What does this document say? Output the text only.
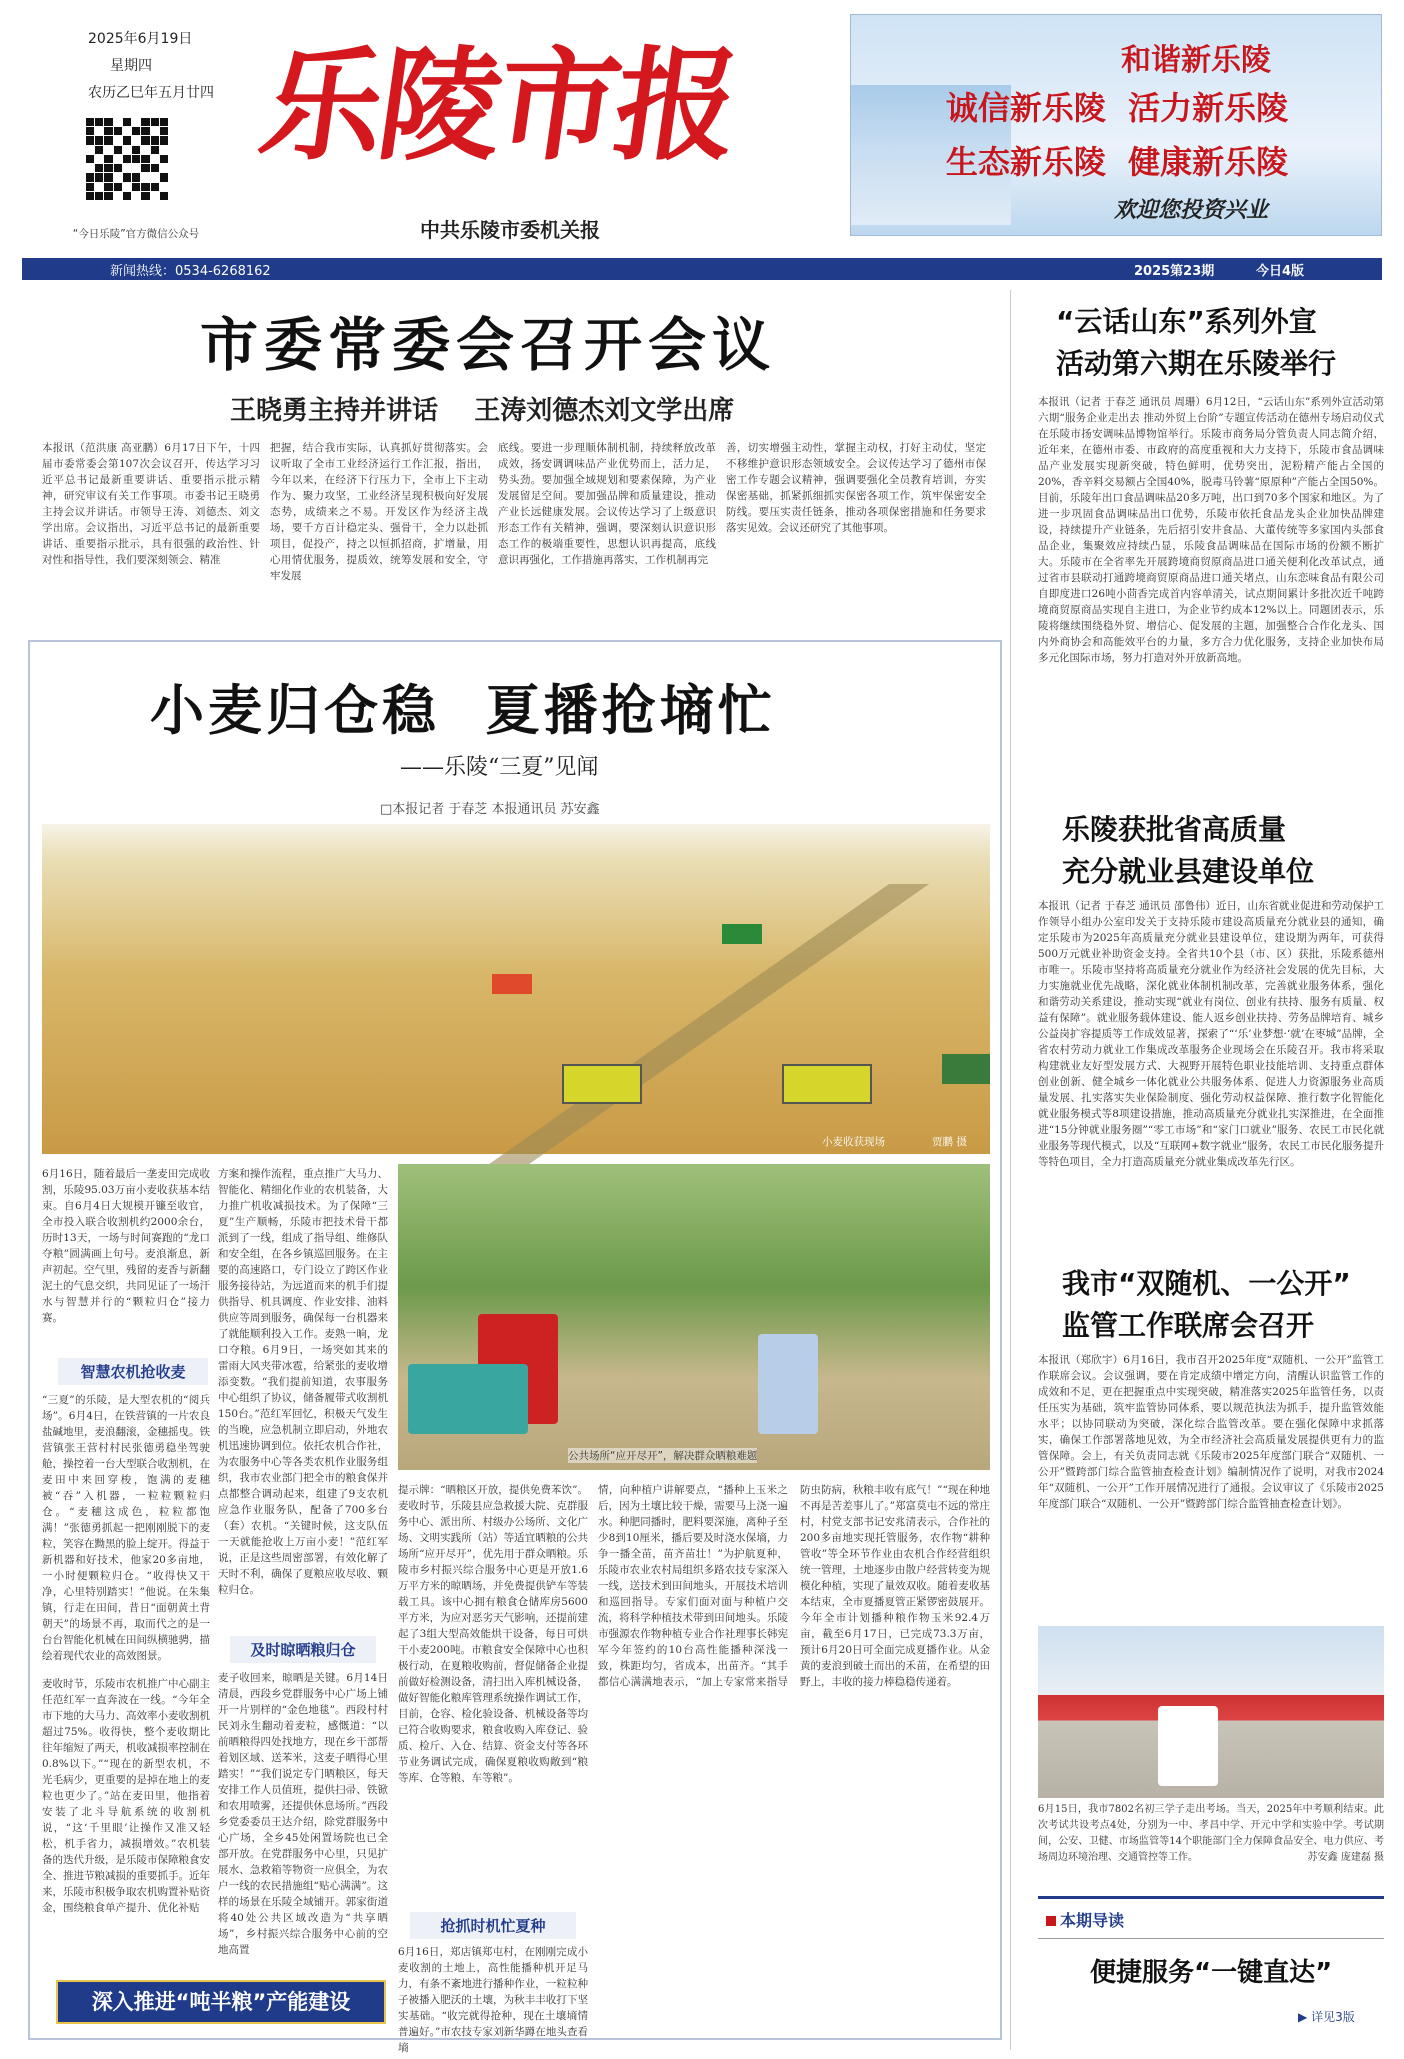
2025年6月19日
星期四
农历乙巳年五月廿四
“今日乐陵”官方微信公众号
乐陵市报
中共乐陵市委机关报
和谐新乐陵
诚信新乐陵  活力新乐陵
生态新乐陵  健康新乐陵
欢迎您投资兴业
新闻热线：0534-6268162	2025第23期	今日4版
市委常委会召开会议
王晓勇主持并讲话    王涛刘德杰刘文学出席
本报讯（范洪康 高亚鹏）6月17日下午，十四届市委常委会第107次会议召开，传达学习习近平总书记最新重要讲话、重要指示批示精神，研究审议有关工作事项。市委书记王晓勇主持会议并讲话。市领导王涛、刘德杰、刘文学出席。会议指出，习近平总书记的最新重要讲话、重要指示批示，具有很强的政治性、针对性和指导性，我们要深刻领会、精准
把握，结合我市实际，认真抓好贯彻落实。会议听取了全市工业经济运行工作汇报，指出，今年以来，在经济下行压力下，全市上下主动作为、聚力攻坚，工业经济呈现积极向好发展态势，成绩来之不易。开发区作为经济主战场，要千方百计稳定头、强骨干，全力以赴抓项目，促投产，持之以恒抓招商，扩增量，用心用情优服务，提质效，统筹发展和安全，守牢发展
底线。要进一步理顺体制机制，持续释放改革成效，扬安调调味品产业优势而上，活力足，势头劲。要加强全域规划和要素保障，为产业发展留足空间。要加强品牌和质量建设，推动产业长远健康发展。会议传达学习了上级意识形态工作有关精神，强调，要深刻认识意识形态工作的极端重要性，思想认识再提高，底线意识再强化，工作措施再落实，工作机制再完
善，切实增强主动性，掌握主动权，打好主动仗，坚定不移维护意识形态领域安全。会议传达学习了德州市保密工作专题会议精神，强调要强化全员教育培训，夯实保密基础，抓紧抓细抓实保密各项工作，筑牢保密安全防线。要压实责任链条，推动各项保密措施和任务要求落实见效。会议还研究了其他事项。
小麦归仓稳  夏播抢墒忙
——乐陵“三夏”见闻
□本报记者 于春芝 本报通讯员 苏安鑫
小麦收获现场	贾鹏 摄
6月16日，随着最后一垄麦田完成收割，乐陵95.03万亩小麦收获基本结束。自6月4日大规模开镰至收官，全市投入联合收割机约2000余台，历时13天，一场与时间赛跑的“龙口夺粮”圆满画上句号。麦浪渐息，新声初起。空气里，残留的麦香与新翻泥土的气息交织，共同见证了一场汗水与智慧并行的“颗粒归仓”接力赛。
智慧农机抢收麦
“三夏”的乐陵，是大型农机的“阅兵场”。6月4日，在铁营镇的一片农良盐碱地里，麦浪翻滚，金穗摇曳。铁营镇张王营村村民张德勇稳坐驾驶舱，操控着一台大型联合收割机，在麦田中来回穿梭，饱满的麦穗被“吞”入机器，一粒粒颗粒归仓。“麦穗这成色，粒粒都饱满！”张德勇抓起一把刚刚脱下的麦粒，笑容在黝黑的脸上绽开。得益于新机器和好技术，他家20多亩地，一小时便颗粒归仓。“收得快又干净，心里特别踏实！”他说。在朱集镇，行走在田间，昔日“面朝黄土背朝天”的场景不再，取而代之的是一台台智能化机械在田间纵横驰骋，描绘着现代农业的高效图景。
麦收时节，乐陵市农机推广中心副主任范红军一直奔波在一线。“今年全市下地的大马力、高效率小麦收割机超过75%。收得快，整个麦收期比往年缩短了两天，机收减损率控制在0.8%以下。”“现在的新型农机，不光毛病少，更重要的是掉在地上的麦粒也更少了。”站在麦田里，他指着安装了北斗导航系统的收割机说，“这‘千里眼’让操作又准又轻松，机手省力，减损增效。”农机装备的迭代升级，是乐陵市保障粮食安全、推进节粮减损的重要抓手。近年来，乐陵市积极争取农机购置补贴资金，围绕粮食单产提升、优化补贴
方案和操作流程，重点推广大马力、智能化、精细化作业的农机装备，大力推广机收减损技术。为了保障“三夏”生产顺畅，乐陵市把技术骨干都派到了一线，组成了指导组、维修队和安全组，在各乡镇巡回服务。在主要的高速路口，专门设立了跨区作业服务接待站，为远道而来的机手们提供指导、机具调度、作业安排、油料供应等周到服务，确保每一台机器来了就能顺利投入工作。麦熟一晌，龙口夺粮。6月9日，一场突如其来的雷雨大风夹带冰雹，给紧张的麦收增添变数。“我们提前知道，农事服务中心组织了协议，储备履带式收割机150台。”范红军回忆，积极天气发生的当晚，应急机制立即启动，外地农机迅速协调到位。依托农机合作社，为农服务中心等各类农机作业服务组织，我市农业部门把全市的粮食保并点都整合调动起来，组建了9支农机应急作业服务队，配备了700多台（套）农机。“关键时候，这支队伍一天就能抢收上万亩小麦！”范红军说，正是这些周密部署，有效化解了天时不利，确保了夏粮应收尽收、颗粒归仓。
及时晾晒粮归仓
麦子收回来，晾晒是关键。6月14日清晨，西段乡党群服务中心广场上铺开一片别样的“金色地毯”。西段村村民刘永生翻动着麦粒，感慨道：“以前晒粮得四处找地方，现在乡干部帮着划区域、送苯米，这麦子晒得心里踏实！”“我们说定专门晒粮区，每天安排工作人员值班，提供扫帚、铁锨和农用喷雾，还提供休息场所。”西段乡党委委员王达介绍，除党群服务中心广场，全乡45处闲置场院也已全部开放。在党群服务中心里，只见扩展水、急救箱等物资一应俱全，为农户一线的农民措施组“贴心满满”。这样的场景在乐陵全域铺开。郭家街道将40处公共区域改造为“共享晒场”，乡村振兴综合服务中心前的空地高置
公共场所“应开尽开”，解决群众晒粮难题
提示牌：“晒粮区开放，提供免费苯饮”。麦收时节，乐陵县应急救援大院、克群服务中心、派出所、村级办公场所、文化广场、文明实践所（站）等适宜晒粮的公共场所“应开尽开”，优先用于群众晒粮。乐陵市乡村振兴综合服务中心更是开放1.6万平方米的晾晒场，并免费提供铲车等装载工具。该中心拥有粮食仓储库房5600平方米，为应对恶劣天气影响，还提前建起了3组大型高效能烘干设备，每日可烘干小麦200吨。市粮食安全保障中心也积极行动，在夏粮收购前，督促储备企业提前做好检测设备，清扫出入库机械设备，做好智能化粮库管理系统操作调试工作，目前，仓容、检化验设备、机械设备等均已符合收购要求，粮食收购入库登记、验质、检斤、入仓、结算、资金支付等各环节业务调试完成，确保夏粮收购敞到“粮等库、仓等粮、车等粮”。
抢抓时机忙夏种
6月16日，郑店镇郑屯村，在刚刚完成小麦收割的土地上，高性能播种机开足马力，有条不紊地进行播种作业，一粒粒种子被播入肥沃的土壤，为秋丰丰收打下坚实基础。“收完就得抢种，现在土壤墒情普遍好。”市农技专家刘新华蹲在地头查看墒
情，向种植户讲解要点，“播种上玉米之后，因为土壤比较干燥，需要马上浇一遍水。种肥同播时，肥料要深施，离种子至少8到10厘米，播后要及时浇水保墒，力争一播全苗，苗齐苗壮！”为护航夏种，乐陵市农业农村局组织多路农技专家深入一线，送技术到田间地头，开展技术培训和巡回指导。专家们面对面与种植户交流，将科学种植技术带到田间地头。乐陵市强源农作物种植专业合作社理事长韩宪军今年签约的10台高性能播种深浅一致，株距均匀，省成本，出苗齐。“其手都信心满满地表示，“加上专家常来指导防虫防病，秋粮丰收有底气！”“现在种地不再是苦差事儿了。”郑富莫屯不远的常庄村，村党支部书记安兆清表示，合作社的200多亩地实现托管服务，农作物“耕种管收”等全环节作业由农机合作经营组织统一管理，土地逐步由散户经营转变为规模化种植，实现了量效双收。随着麦收基本结束，全市夏播夏管正紧锣密鼓展开。今年全市计划播种粮作物玉米92.4万亩，截至6月17日，已完成73.3万亩，预计6月20日可全面完成夏播作业。从金黄的麦浪到破土而出的禾苗，在希望的田野上，丰收的接力棒稳稳传递着。
深入推进“吨半粮”产能建设
“云话山东”系列外宣
活动第六期在乐陵举行
本报讯（记者 于春芝 通讯员 周珊）6月12日，“云话山东”系列外宣活动第六期“服务企业走出去 推动外贸上台阶”专题宣传活动在德州专场启动仪式在乐陵市扬安调味品博物馆举行。乐陵市商务局分管负责人同志简介绍，近年来，在德州市委、市政府的高度重视和大力支持下，乐陵市食品调味品产业发展实现新突破，特色鲜明，优势突出，泥粉精产能占全国的20%，香辛料交易额占全国40%，脱毒马铃薯“原原种”产能占全国50%。目前，乐陵年出口食品调味品20多万吨，出口到70多个国家和地区。为了进一步巩固食品调味品出口优势，乐陵市依托食品龙头企业加快品牌建设，持续提升产业链条，先后招引安井食品、大董传统等多家国内头部食品企业，集聚效应持续凸显，乐陵食品调味品在国际市场的份额不断扩大。乐陵市在全省率先开展跨境商贸原商品进口通关便利化改革试点，通过省市县联动打通跨境商贸原商品进口通关堵点，山东恋味食品有限公司自即度进口26吨小茴香完成首内容单清关，试点期间累计多批次近千吨跨境商贸原商品实现自主进口，为企业节约成本12%以上。同题团表示，乐陵将继续围绕稳外贸、增信心、促发展的主题，加强整合合作化龙头、国内外商协会和高能效平台的力量，多方合力优化服务，支持企业加快布局多元化国际市场，努力打造对外开放新高地。
乐陵获批省高质量
充分就业县建设单位
本报讯（记者 于春芝 通讯员 邵鲁伟）近日，山东省就业促进和劳动保护工作领导小组办公室印发关于支持乐陵市建设高质量充分就业县的通知，确定乐陵市为2025年高质量充分就业县建设单位，建设期为两年，可获得500万元就业补助资金支持。全省共10个县（市、区）获批，乐陵系德州市唯一。乐陵市坚持将高质量充分就业作为经济社会发展的优先目标，大力实施就业优先战略，深化就业体制机制改革，完善就业服务体系，强化和谐劳动关系建设，推动实现“就业有岗位、创业有扶持、服务有质量、权益有保障”。就业服务载体建设、能人返乡创业扶持、劳务品牌培育、城乡公益岗扩容提质等工作成效显著，探索了“‘乐’业梦想·‘就’在枣城”品牌，全省农村劳动力就业工作集成改革服务企业现场会在乐陵召开。我市将采取构建就业友好型发展方式、大视野开展特色职业技能培训、支持重点群体创业创新、健全城乡一体化就业公共服务体系、促进人力资源服务业高质量发展、扎实落实失业保险制度、强化劳动权益保障、推行数字化智能化就业服务模式等8项建设措施，推动高质量充分就业扎实深推进，在全面推进“15分钟就业服务圈”“零工市场”和“家门口就业”服务、农民工市民化就业服务等现代模式，以及“互联网+数字就业”服务，农民工市民化服务提升等特色项目，全力打造高质量充分就业集成改革先行区。
我市“双随机、一公开”
监管工作联席会召开
本报讯（郑欣宇）6月16日，我市召开2025年度“双随机、一公开”监管工作联席会议。会议强调，要在肯定成绩中增定方向，清醒认识监管工作的成效和不足，更在把握重点中实现突破，精准落实2025年监管任务，以责任压实为基础，筑牢监管协同体系，要以规范执法为抓手，提升监管效能水平；以协同联动为突破，深化综合监管改革。要在强化保障中求抓落实，确保工作部署落地见效，为全市经济社会高质量发展提供更有力的监管保障。会上，有关负责同志就《乐陵市2025年度部门联合“双随机、一公开”暨跨部门综合监管抽查检查计划》编制情况作了说明，对我市2024年“双随机、一公开”工作开展情况进行了通报。会议审议了《乐陵市2025年度部门联合“双随机、一公开”暨跨部门综合监管抽查检查计划》。
6月15日，我市7802名初三学子走出考场。当天，2025年中考顺利结束。此次考试共设考点4处，分别为一中、孝昌中学、开元中学和实验中学。考试期间，公安、卫健、市场监管等14个职能部门全力保障食品安全、电力供应、考场周边环境治理、交通管控等工作。	苏安鑫 庞建磊 摄
本期导读
便捷服务“一键直达”
▶ 详见3版
